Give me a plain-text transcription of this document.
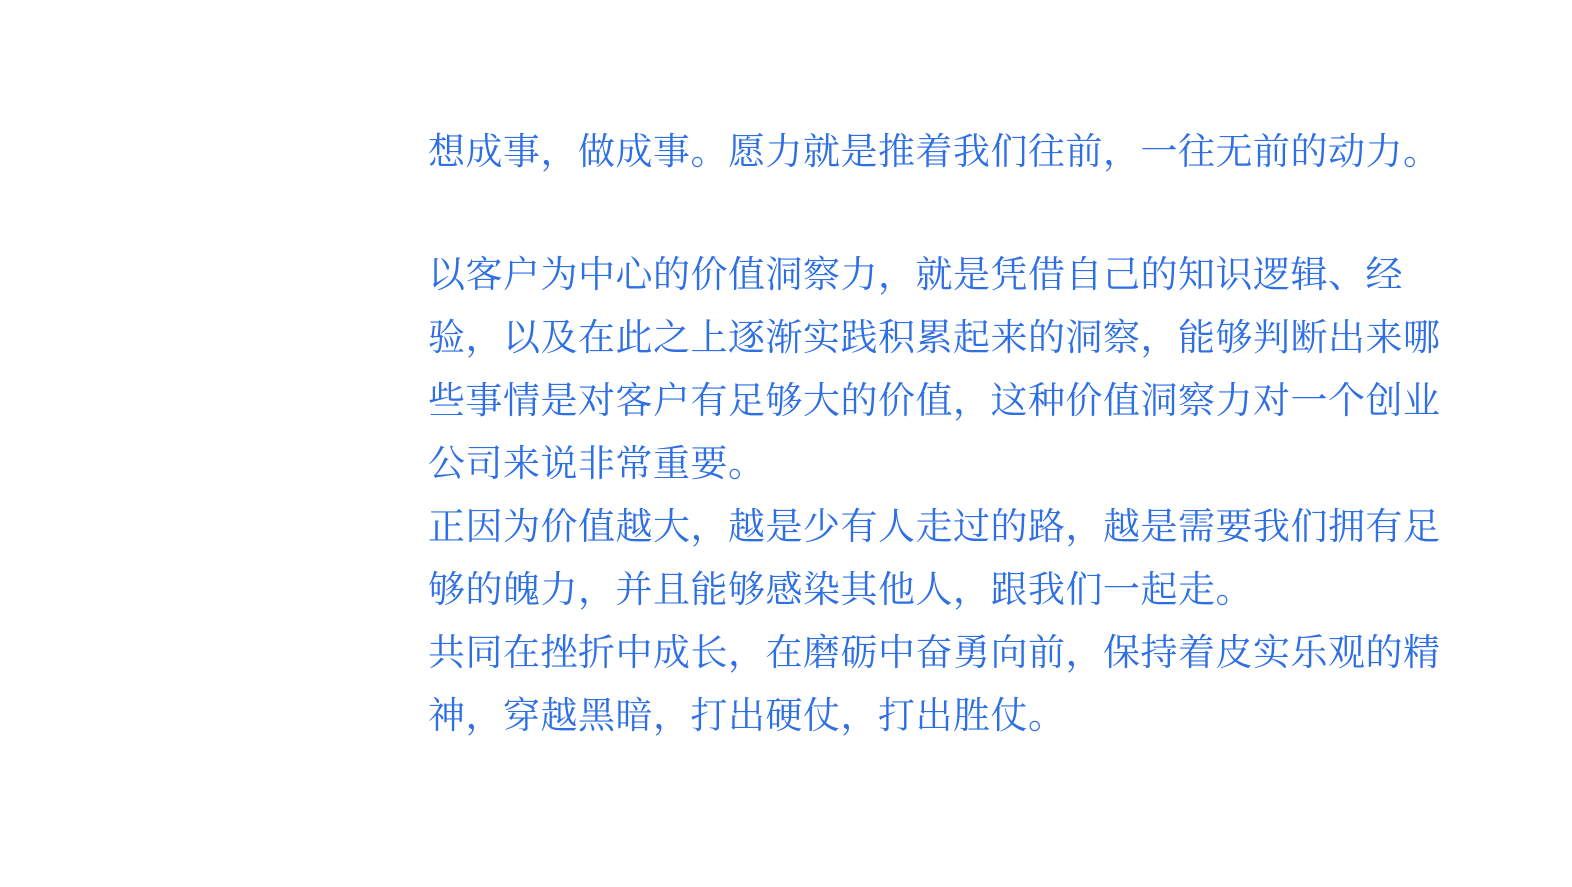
想成事，做成事。愿力就是推着我们往前，一往无前的动力。

以客户为中心的价值洞察力，就是凭借自己的知识逻辑、经验，以及在此之上逐渐实践积累起来的洞察，能够判断出来哪些事情是对客户有足够大的价值，这种价值洞察力对一个创业公司来说非常重要。

正因为价值越大，越是少有人走过的路，越是需要我们拥有足够的魄力，并且能够感染其他人，跟我们一起走。

共同在挫折中成长，在磨砺中奋勇向前，保持着皮实乐观的精神，穿越黑暗，打出硬仗，打出胜仗。
